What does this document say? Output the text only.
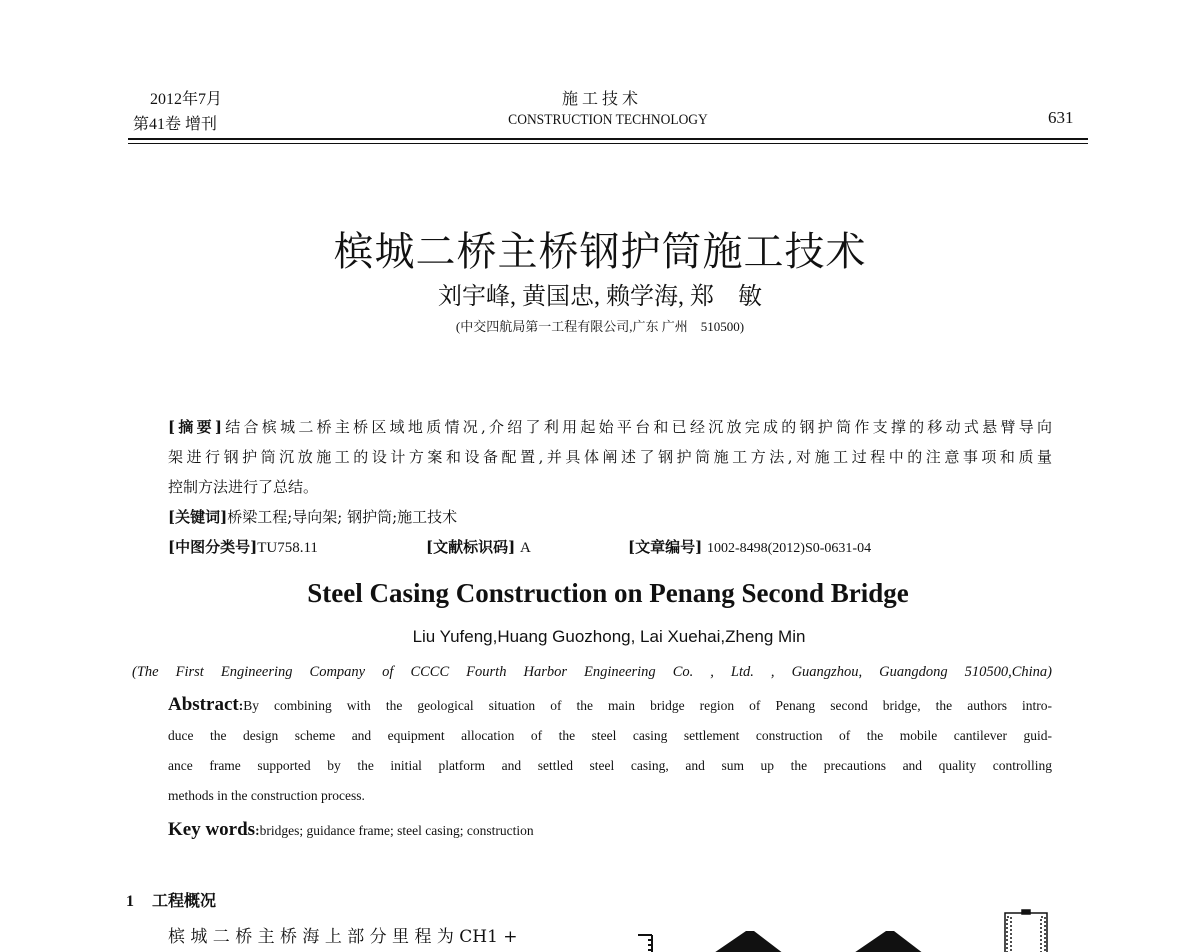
2012年7月
第41卷 增刊
施 工 技 术
CONSTRUCTION TECHNOLOGY	631
槟城二桥主桥钢护筒施工技术
刘宇峰, 黄国忠, 赖学海, 郑　敏
(中交四航局第一工程有限公司,广东 广州　510500)
[摘要]结合槟城二桥主桥区域地质情况,介绍了利用起始平台和已经沉放完成的钢护筒作支撑的移动式悬臂导向
架进行钢护筒沉放施工的设计方案和设备配置,并具体阐述了钢护筒施工方法,对施工过程中的注意事项和质量
控制方法进行了总结。
[关键词]桥梁工程;导向架; 钢护筒;施工技术
[中图分类号]TU758.11	[文献标识码] A	[文章编号] 1002-8498(2012)S0-0631-04
Steel Casing Construction on Penang Second Bridge
Liu Yufeng,Huang Guozhong, Lai Xuehai,Zheng Min
(The First Engineering Company of CCCC Fourth Harbor Engineering Co. , Ltd. , Guangzhou, Guangdong 510500,China)
Abstract:By combining with the geological situation of the main bridge region of Penang second bridge, the authors intro-
duce the design scheme and equipment allocation of the steel casing settlement construction of the mobile cantilever guid-
ance frame supported by the initial platform and settled steel casing, and sum up the precautions and quality controlling
methods in the construction process.
Key words:bridges; guidance frame; steel casing; construction
1 工程概况
槟 城 二 桥 主 桥 海 上 部 分 里 程 为 CH1 +
